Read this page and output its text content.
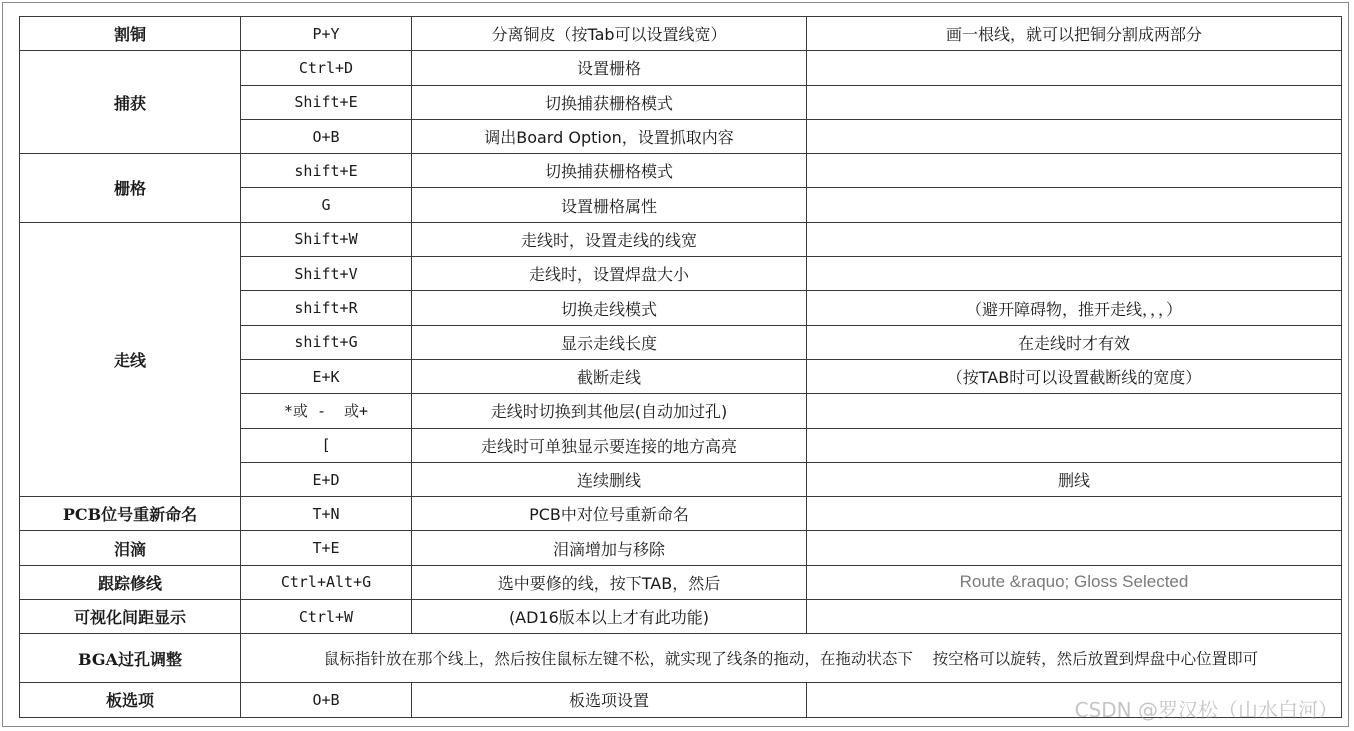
割铜	P+Y	分离铜皮（按Tab可以设置线宽）	画一根线，就可以把铜分割成两部分
捕获	Ctrl+D	设置栅格	
	Shift+E	切换捕获栅格模式	
	O+B	调出Board Option，设置抓取内容	
栅格	shift+E	切换捕获栅格模式	
	G	设置栅格属性	
走线	Shift+W	走线时，设置走线的线宽	
	Shift+V	走线时，设置焊盘大小	
	shift+R	切换走线模式	（避开障碍物，推开走线，，，）
	shift+G	显示走线长度	在走线时才有效
	E+K	截断走线	（按TAB时可以设置截断线的宽度）
	*或 -  或+	走线时切换到其他层(自动加过孔)	
	[	走线时可单独显示要连接的地方高亮	
	E+D	连续删线	删线
PCB位号重新命名	T+N	PCB中对位号重新命名	
泪滴	T+E	泪滴增加与移除	
跟踪修线	Ctrl+Alt+G	选中要修的线，按下TAB，然后	Route &raquo; Gloss Selected
可视化间距显示	Ctrl+W	(AD16版本以上才有此功能)	
BGA过孔调整	鼠标指针放在那个线上，然后按住鼠标左键不松，就实现了线条的拖动，在拖动状态下    按空格可以旋转，然后放置到焊盘中心位置即可		
板选项	O+B	板选项设置		CSDN @罗汉松（山水白河）
